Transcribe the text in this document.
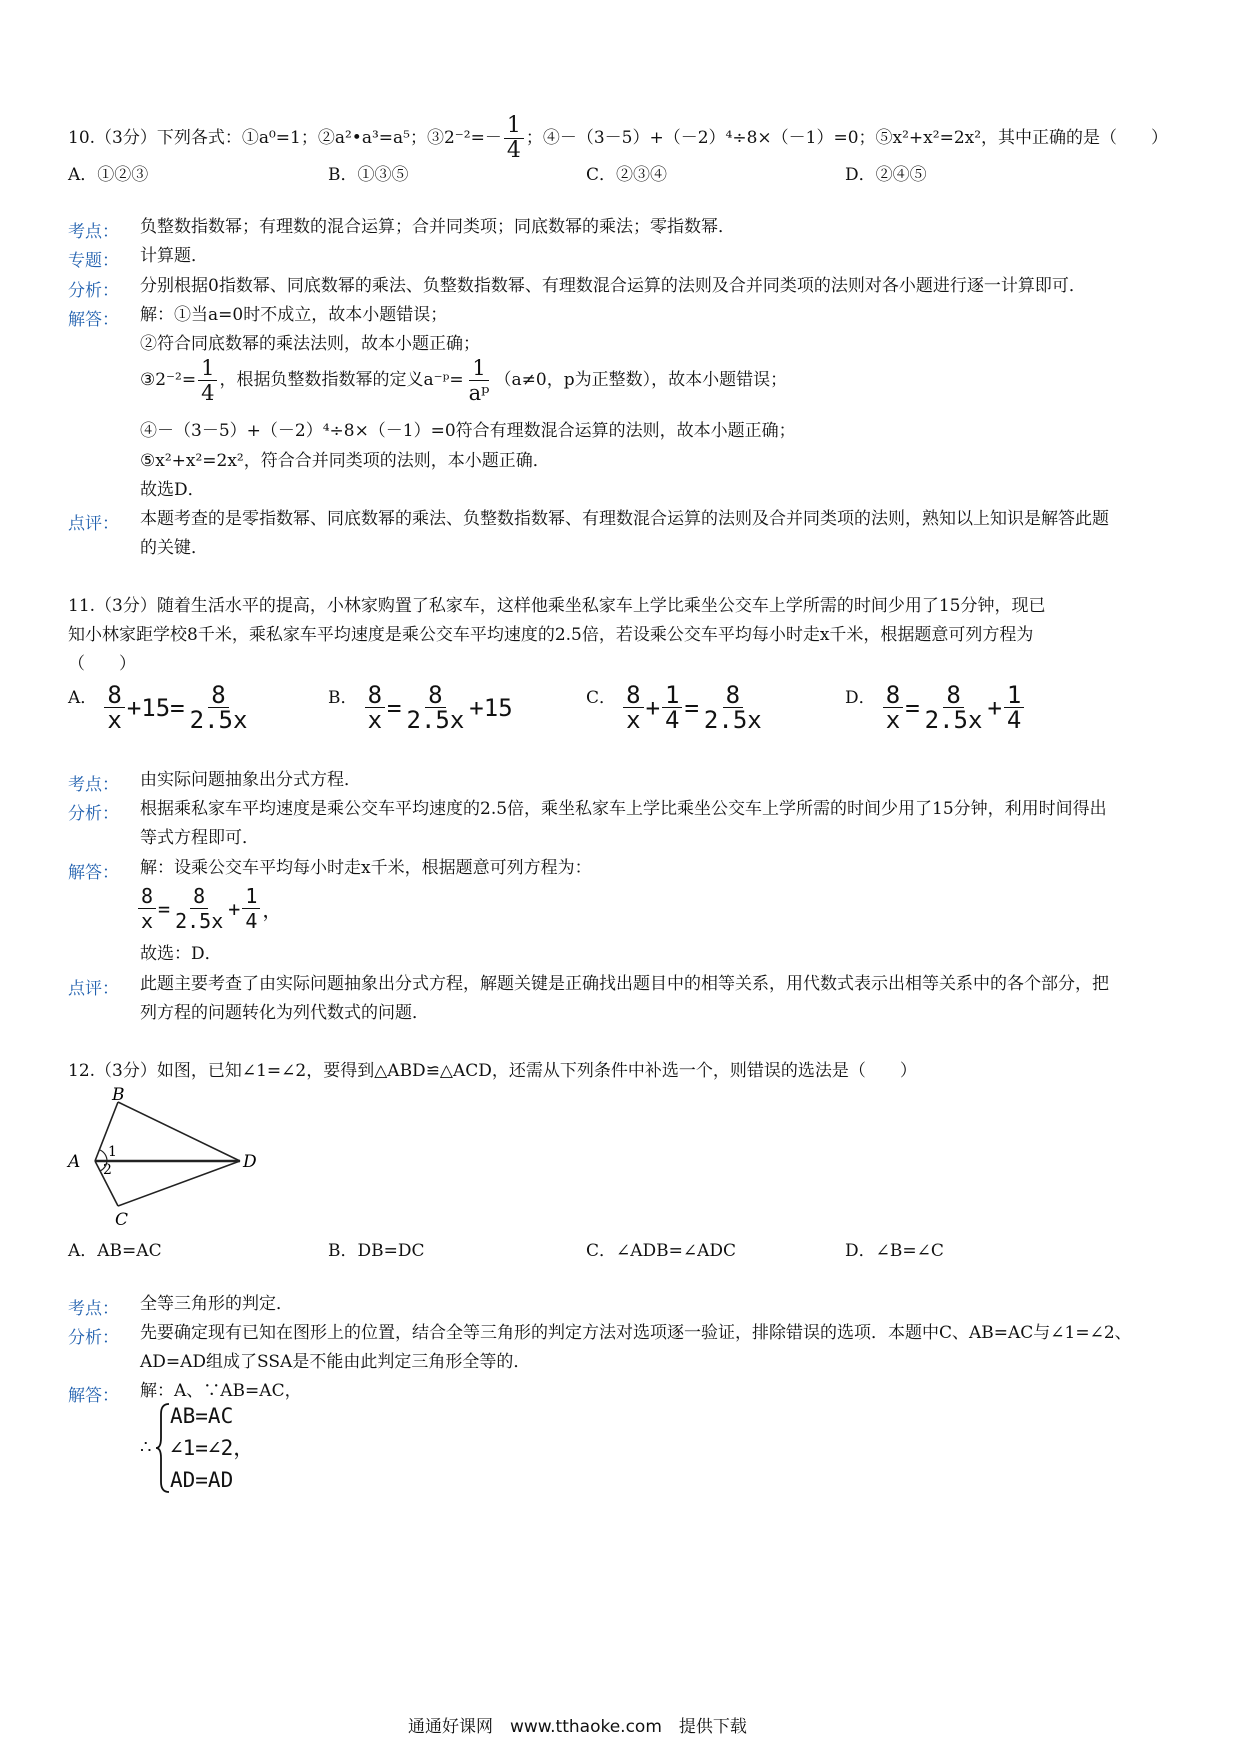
10.（3分）下列各式：①a⁰=1；②a²•a³=a⁵；③2⁻²=－ $\frac{1}{4}$ ；④－（3－5）+（－2）⁴÷8×（－1）=0；⑤x²+x²=2x²，其中正确的是（　　）
A．①②③	B．①③⑤	C．②③④	D．②④⑤
考点： 负整数指数幂；有理数的混合运算；合并同类项；同底数幂的乘法；零指数幂．
专题： 计算题．
分析： 分别根据0指数幂、同底数幂的乘法、负整数指数幂、有理数混合运算的法则及合并同类项的法则对各小题进行逐一计算即可．
解答： 解：①当a=0时不成立，故本小题错误；
②符合同底数幂的乘法法则，故本小题正确；
③2⁻²= $\frac{1}{4}$ ，根据负整数指数幂的定义a⁻ᵖ= $\frac{1}{\text{aᵖ}} (a\ne 0$，p为正整数），故本小题错误；
④－（3－5）+（－2）⁴÷8×（－1）=0符合有理数混合运算的法则，故本小题正确；
⑤x²+x²=2x²，符合合并同类项的法则，本小题正确．
故选D．
点评： 本题考查的是零指数幂、同底数幂的乘法、负整数指数幂、有理数混合运算的法则及合并同类项的法则，熟知以上知识是解答此题
的关键．
11.（3分）随着生活水平的提高，小林家购置了私家车，这样他乘坐私家车上学比乘坐公交车上学所需的时间少用了15分钟，现已
知小林家距学校8千米，乘私家车平均速度是乘公交车平均速度的2.5倍，若设乘公交车平均每小时走x千米，根据题意可列方程为
（　　）
A． $\frac{8}{x} +15= \frac{8}{2.5x}$	B． $\frac{8}{x} = \frac{8}{2.5x} +15$	C． $\frac{8}{x} + \frac{1}{4} = \frac{8}{2.5x}$	D． $\frac{8}{x} = \frac{8}{2.5x} + \frac{1}{4}$
考点： 由实际问题抽象出分式方程．
分析： 根据乘私家车平均速度是乘公交车平均速度的2.5倍，乘坐私家车上学比乘坐公交车上学所需的时间少用了15分钟，利用时间得出
等式方程即可．
解答： 解：设乘公交车平均每小时走x千米，根据题意可列方程为：
$\frac{8}{x} = \frac{8}{2.5x} + \frac{1}{4}$ ，
故选：D．
点评： 此题主要考查了由实际问题抽象出分式方程，解题关键是正确找出题目中的相等关系，用代数式表示出相等关系中的各个部分，把
列方程的问题转化为列代数式的问题．
12.（3分）如图，已知∠1=∠2，要得到△ABD≌△ACD，还需从下列条件中补选一个，则错误的选法是（　　）
B
A	D
C
1
2
A．AB=AC	B．DB=DC	C．∠ADB=∠ADC	D．∠B=∠C
考点： 全等三角形的判定．
分析： 先要确定现有已知在图形上的位置，结合全等三角形的判定方法对选项逐一验证，排除错误的选项．本题中C、AB=AC与∠1=∠2、
AD=AD组成了SSA是不能由此判定三角形全等的．
解答： 解：A、∵AB=AC，
∴
AB=AC
∠1=∠2，
AD=AD
通通好课网　www.tthaoke.com　提供下载
